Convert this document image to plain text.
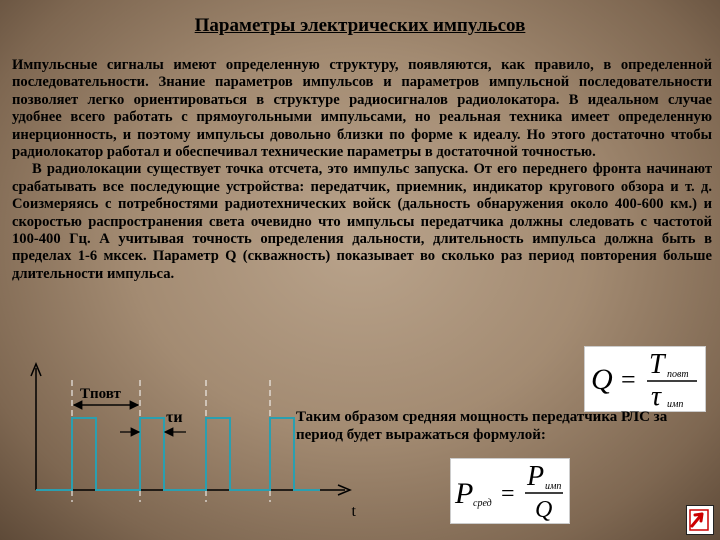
Параметры электрических импульсов

Импульсные сигналы имеют определенную структуру, появляются, как правило, в определенной последовательности. Знание параметров импульсов и параметров импульсной последовательности позволяет легко ориентироваться в структуре радиосигналов радиолокатора. В идеальном случае удобнее всего работать с прямоугольными импульсами, но реальная техника имеет определенную инерционность, и поэтому импульсы довольно близки по форме к идеалу. Но этого достаточно чтобы радиолокатор работал и обеспечивал технические параметры в достаточной точностью.

В радиолокации существует точка отсчета, это импульс запуска. От его переднего фронта начинают срабатывать все последующие устройства: передатчик, приемник, индикатор кругового обзора и т. д. Соизмеряясь с потребностями радиотехнических войск (дальность обнаружения около 400-600 км.) и скоростью распространения света очевидно что импульсы передатчика должны следовать с частотой 100-400 Гц. А учитывая точность определения дальности, длительность импульса должна быть в пределах 1-6 мксек. Параметр Q (скважность) показывает во сколько раз период повторения больше длительности импульса.

Q = T повт
τ имп
Таким образом средняя мощность передатчика РЛС за период будет выражаться формулой:
P сред =
P имп
Q
Tповт
τи
t
